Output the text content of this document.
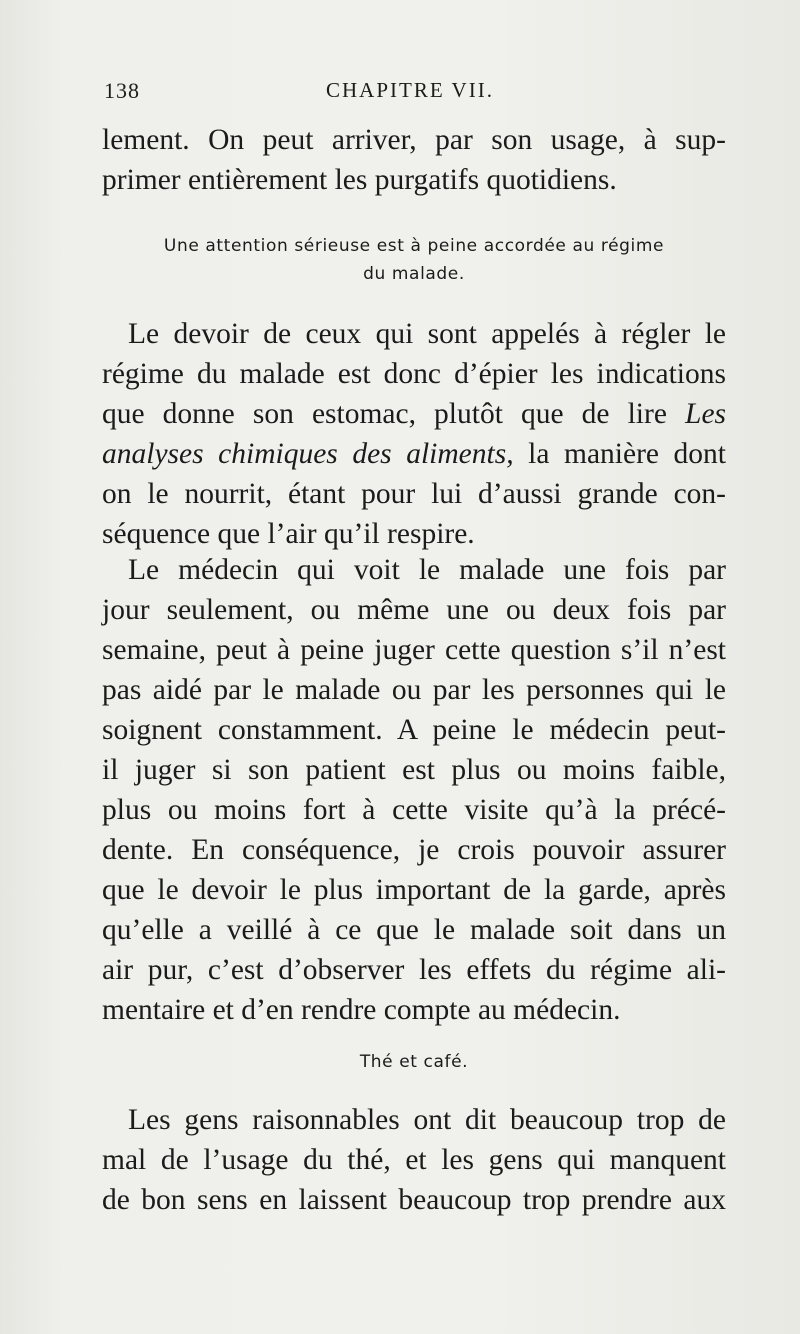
138	CHAPITRE VII.
lement. On peut arriver, par son usage, à sup-
primer entièrement les purgatifs quotidiens.
Une attention sérieuse est à peine accordée au régime
du malade.
Le devoir de ceux qui sont appelés à régler le
régime du malade est donc d’épier les indications
que donne son estomac, plutôt que de lire Les
analyses chimiques des aliments, la manière dont
on le nourrit, étant pour lui d’aussi grande con-
séquence que l’air qu’il respire.
Le médecin qui voit le malade une fois par
jour seulement, ou même une ou deux fois par
semaine, peut à peine juger cette question s’il n’est
pas aidé par le malade ou par les personnes qui le
soignent constamment. A peine le médecin peut-
il juger si son patient est plus ou moins faible,
plus ou moins fort à cette visite qu’à la précé-
dente. En conséquence, je crois pouvoir assurer
que le devoir le plus important de la garde, après
qu’elle a veillé à ce que le malade soit dans un
air pur, c’est d’observer les effets du régime ali-
mentaire et d’en rendre compte au médecin.
Thé et café.
Les gens raisonnables ont dit beaucoup trop de
mal de l’usage du thé, et les gens qui manquent
de bon sens en laissent beaucoup trop prendre aux
